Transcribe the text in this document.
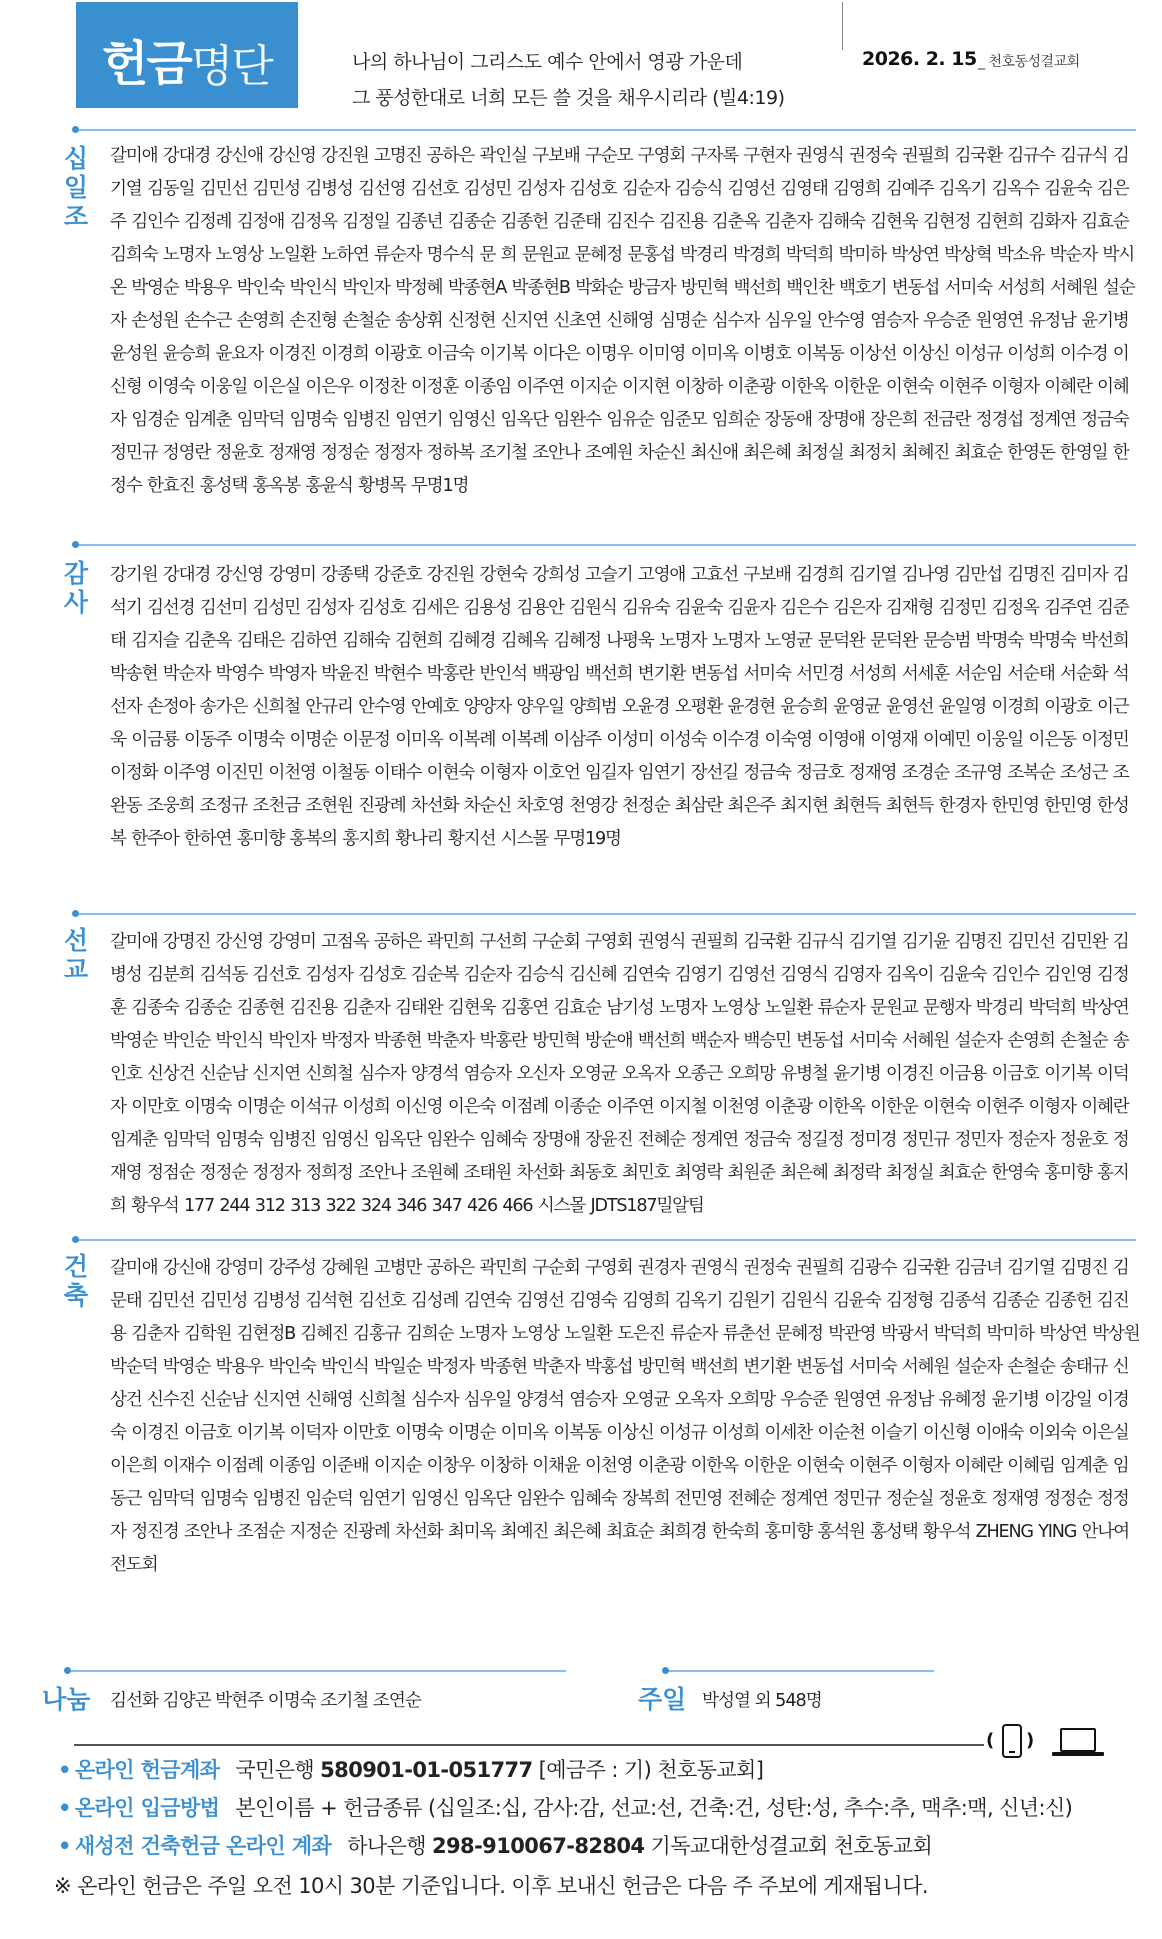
헌금 명단	나의 하나님이 그리스도 예수 안에서 영광 가운데
그 풍성한대로 너희 모든 쓸 것을 채우시리라 (빌4:19)
2026. 2. 15 _ 천호동성결교회
십
일
조
갈미애 강대경 강신애 강신영 강진원 고명진 공하은 곽인실 구보배 구순모 구영회 구자록 구현자 권영식 권정숙 권필희 김국환 김규수 김규식 김기열 김동일 김민선 김민성 김병성 김선영 김선호 김성민 김성자 김성호 김순자 김승식 김영선 김영태 김영희 김예주 김옥기 김옥수 김윤숙 김은주 김인수 김정례 김정애 김정옥 김정일 김종년 김종순 김종헌 김준태 김진수 김진용 김춘옥 김춘자 김해숙 김현욱 김현정 김현희 김화자 김효순 김희숙 노명자 노영상 노일환 노하연 류순자 명수식 문 희 문원교 문혜정 문홍섭 박경리 박경희 박덕희 박미하 박상연 박상혁 박소유 박순자 박시온 박영순 박용우 박인숙 박인식 박인자 박정혜 박종현A 박종현B 박화순 방금자 방민혁 백선희 백인찬 백호기 변동섭 서미숙 서성희 서혜원 설순자 손성원 손수근 손영희 손진형 손철순 송상휘 신정현 신지연 신초연 신해영 심명순 심수자 심우일 안수영 염승자 우승준 원영연 유정남 윤기병 윤성원 윤승희 윤요자 이경진 이경희 이광호 이금숙 이기복 이다은 이명우 이미영 이미옥 이병호 이복동 이상선 이상신 이성규 이성희 이수경 이신형 이영숙 이웅일 이은실 이은우 이정찬 이정훈 이종임 이주연 이지순 이지현 이창하 이춘광 이한옥 이한운 이현숙 이현주 이형자 이혜란 이혜자 임경순 임계춘 임막덕 임명숙 임병진 임연기 임영신 임옥단 임완수 임유순 임준모 임희순 장동애 장명애 장은희 전금란 정경섭 정계연 정금숙 정민규 정영란 정윤호 정재영 정정순 정정자 정하복 조기철 조안나 조예원 차순신 최신애 최은혜 최정실 최정치 최혜진 최효순 한영돈 한영일 한정수 한효진 홍성택 홍옥봉 홍윤식 황병목 무명1명
감
사
강기원 강대경 강신영 강영미 강종택 강준호 강진원 강현숙 강희성 고슬기 고영애 고효선 구보배 김경희 김기열 김나영 김만섭 김명진 김미자 김석기 김선경 김선미 김성민 김성자 김성호 김세은 김용성 김용안 김원식 김유숙 김윤숙 김윤자 김은수 김은자 김재형 김정민 김정옥 김주연 김준태 김지슬 김춘옥 김태은 김하연 김해숙 김현희 김혜경 김혜옥 김혜정 나평욱 노명자 노명자 노영균 문덕완 문덕완 문승범 박명숙 박명숙 박선희 박송현 박순자 박영수 박영자 박윤진 박현수 박홍란 반인석 백광임 백선희 변기환 변동섭 서미숙 서민경 서성희 서세훈 서순임 서순태 서순화 석선자 손정아 송가은 신희철 안규리 안수영 안예호 양양자 양우일 양희범 오윤경 오평환 윤경현 윤승희 윤영균 윤영선 윤일영 이경희 이광호 이근욱 이금룡 이동주 이명숙 이명순 이문정 이미옥 이복례 이복례 이삼주 이성미 이성숙 이수경 이숙영 이영애 이영재 이예민 이웅일 이은동 이정민 이정화 이주영 이진민 이천영 이철동 이태수 이현숙 이형자 이호언 임길자 임연기 장선길 정금숙 정금호 정재영 조경순 조규영 조복순 조성근 조완동 조웅희 조정규 조천금 조현원 진광례 차선화 차순신 차호영 천영강 천정순 최삼란 최은주 최지현 최현득 최현득 한경자 한민영 한민영 한성복 한주아 한하연 홍미향 홍복의 홍지희 황나리 황지선 시스몰 무명19명
선
교
갈미애 강명진 강신영 강영미 고점옥 공하은 곽민희 구선희 구순회 구영회 권영식 권필희 김국환 김규식 김기열 김기윤 김명진 김민선 김민완 김병성 김분희 김석동 김선호 김성자 김성호 김순복 김순자 김승식 김신혜 김연숙 김영기 김영선 김영식 김영자 김옥이 김윤숙 김인수 김인영 김정훈 김종숙 김종순 김종현 김진용 김춘자 김태완 김현욱 김홍연 김효순 남기성 노명자 노영상 노일환 류순자 문원교 문행자 박경리 박덕희 박상연 박영순 박인순 박인식 박인자 박정자 박종현 박춘자 박홍란 방민혁 방순애 백선희 백순자 백승민 변동섭 서미숙 서혜원 설순자 손영희 손철순 송인호 신상건 신순남 신지연 신희철 심수자 양경석 염승자 오신자 오영균 오옥자 오종근 오희망 유병철 윤기병 이경진 이금용 이금호 이기복 이덕자 이만호 이명숙 이명순 이석규 이성희 이신영 이은숙 이점례 이종순 이주연 이지철 이천영 이춘광 이한옥 이한운 이현숙 이현주 이형자 이혜란 임계춘 임막덕 임명숙 임병진 임영신 임옥단 임완수 임혜숙 장명애 장윤진 전혜순 정계연 정금숙 정길정 정미경 정민규 정민자 정순자 정윤호 정재영 정점순 정정순 정정자 정희정 조안나 조원혜 조태원 차선화 최동호 최민호 최영락 최원준 최은혜 최정락 최정실 최효순 한영숙 홍미향 홍지희 황우석 177 244 312 313 322 324 346 347 426 466 시스몰 JDTS187밀알팀
건
축
갈미애 강신애 강영미 강주성 강혜원 고병만 공하은 곽민희 구순회 구영회 권경자 권영식 권정숙 권필희 김광수 김국환 김금녀 김기열 김명진 김문태 김민선 김민성 김병성 김석현 김선호 김성례 김연숙 김영선 김영숙 김영희 김옥기 김원기 김원식 김윤숙 김정형 김종석 김종순 김종헌 김진용 김춘자 김학원 김현정B 김혜진 김홍규 김희순 노명자 노영상 노일환 도은진 류순자 류춘선 문혜정 박관영 박광서 박덕희 박미하 박상연 박상원 박순덕 박영순 박용우 박인숙 박인식 박일순 박정자 박종현 박춘자 박홍섭 방민혁 백선희 변기환 변동섭 서미숙 서혜원 설순자 손철순 송태규 신상건 신수진 신순남 신지연 신해영 신희철 심수자 심우일 양경석 염승자 오영균 오옥자 오희망 우승준 원영연 유정남 유혜정 윤기병 이강일 이경숙 이경진 이금호 이기복 이덕자 이만호 이명숙 이명순 이미옥 이복동 이상신 이성규 이성희 이세찬 이순천 이슬기 이신형 이애숙 이외숙 이은실 이은희 이재수 이점례 이종임 이준배 이지순 이창우 이창하 이채윤 이천영 이춘광 이한옥 이한운 이현숙 이현주 이형자 이혜란 이혜림 임계춘 임동근 임막덕 임명숙 임병진 임순덕 임연기 임영신 임옥단 임완수 임혜숙 장복희 전민영 전혜순 정계연 정민규 정순실 정윤호 정재영 정정순 정정자 정진경 조안나 조점순 지정순 진광례 차선화 최미옥 최예진 최은혜 최효순 최희경 한숙희 홍미향 홍석원 홍성택 황우석 ZHENG YING 안나여전도회
나눔 김선화 김양곤 박현주 이명숙 조기철 조연순	주일 박성열 외 548명
( )
• 온라인 헌금계좌 국민은행 580901-01-051777 [예금주 : 기) 천호동교회]
• 온라인 입금방법 본인이름 + 헌금종류 (십일조:십, 감사:감, 선교:선, 건축:건, 성탄:성, 추수:추, 맥추:맥, 신년:신)
• 새성전 건축헌금 온라인 계좌 하나은행 298-910067-82804 기독교대한성결교회 천호동교회
※ 온라인 헌금은 주일 오전 10시 30분 기준입니다. 이후 보내신 헌금은 다음 주 주보에 게재됩니다.
